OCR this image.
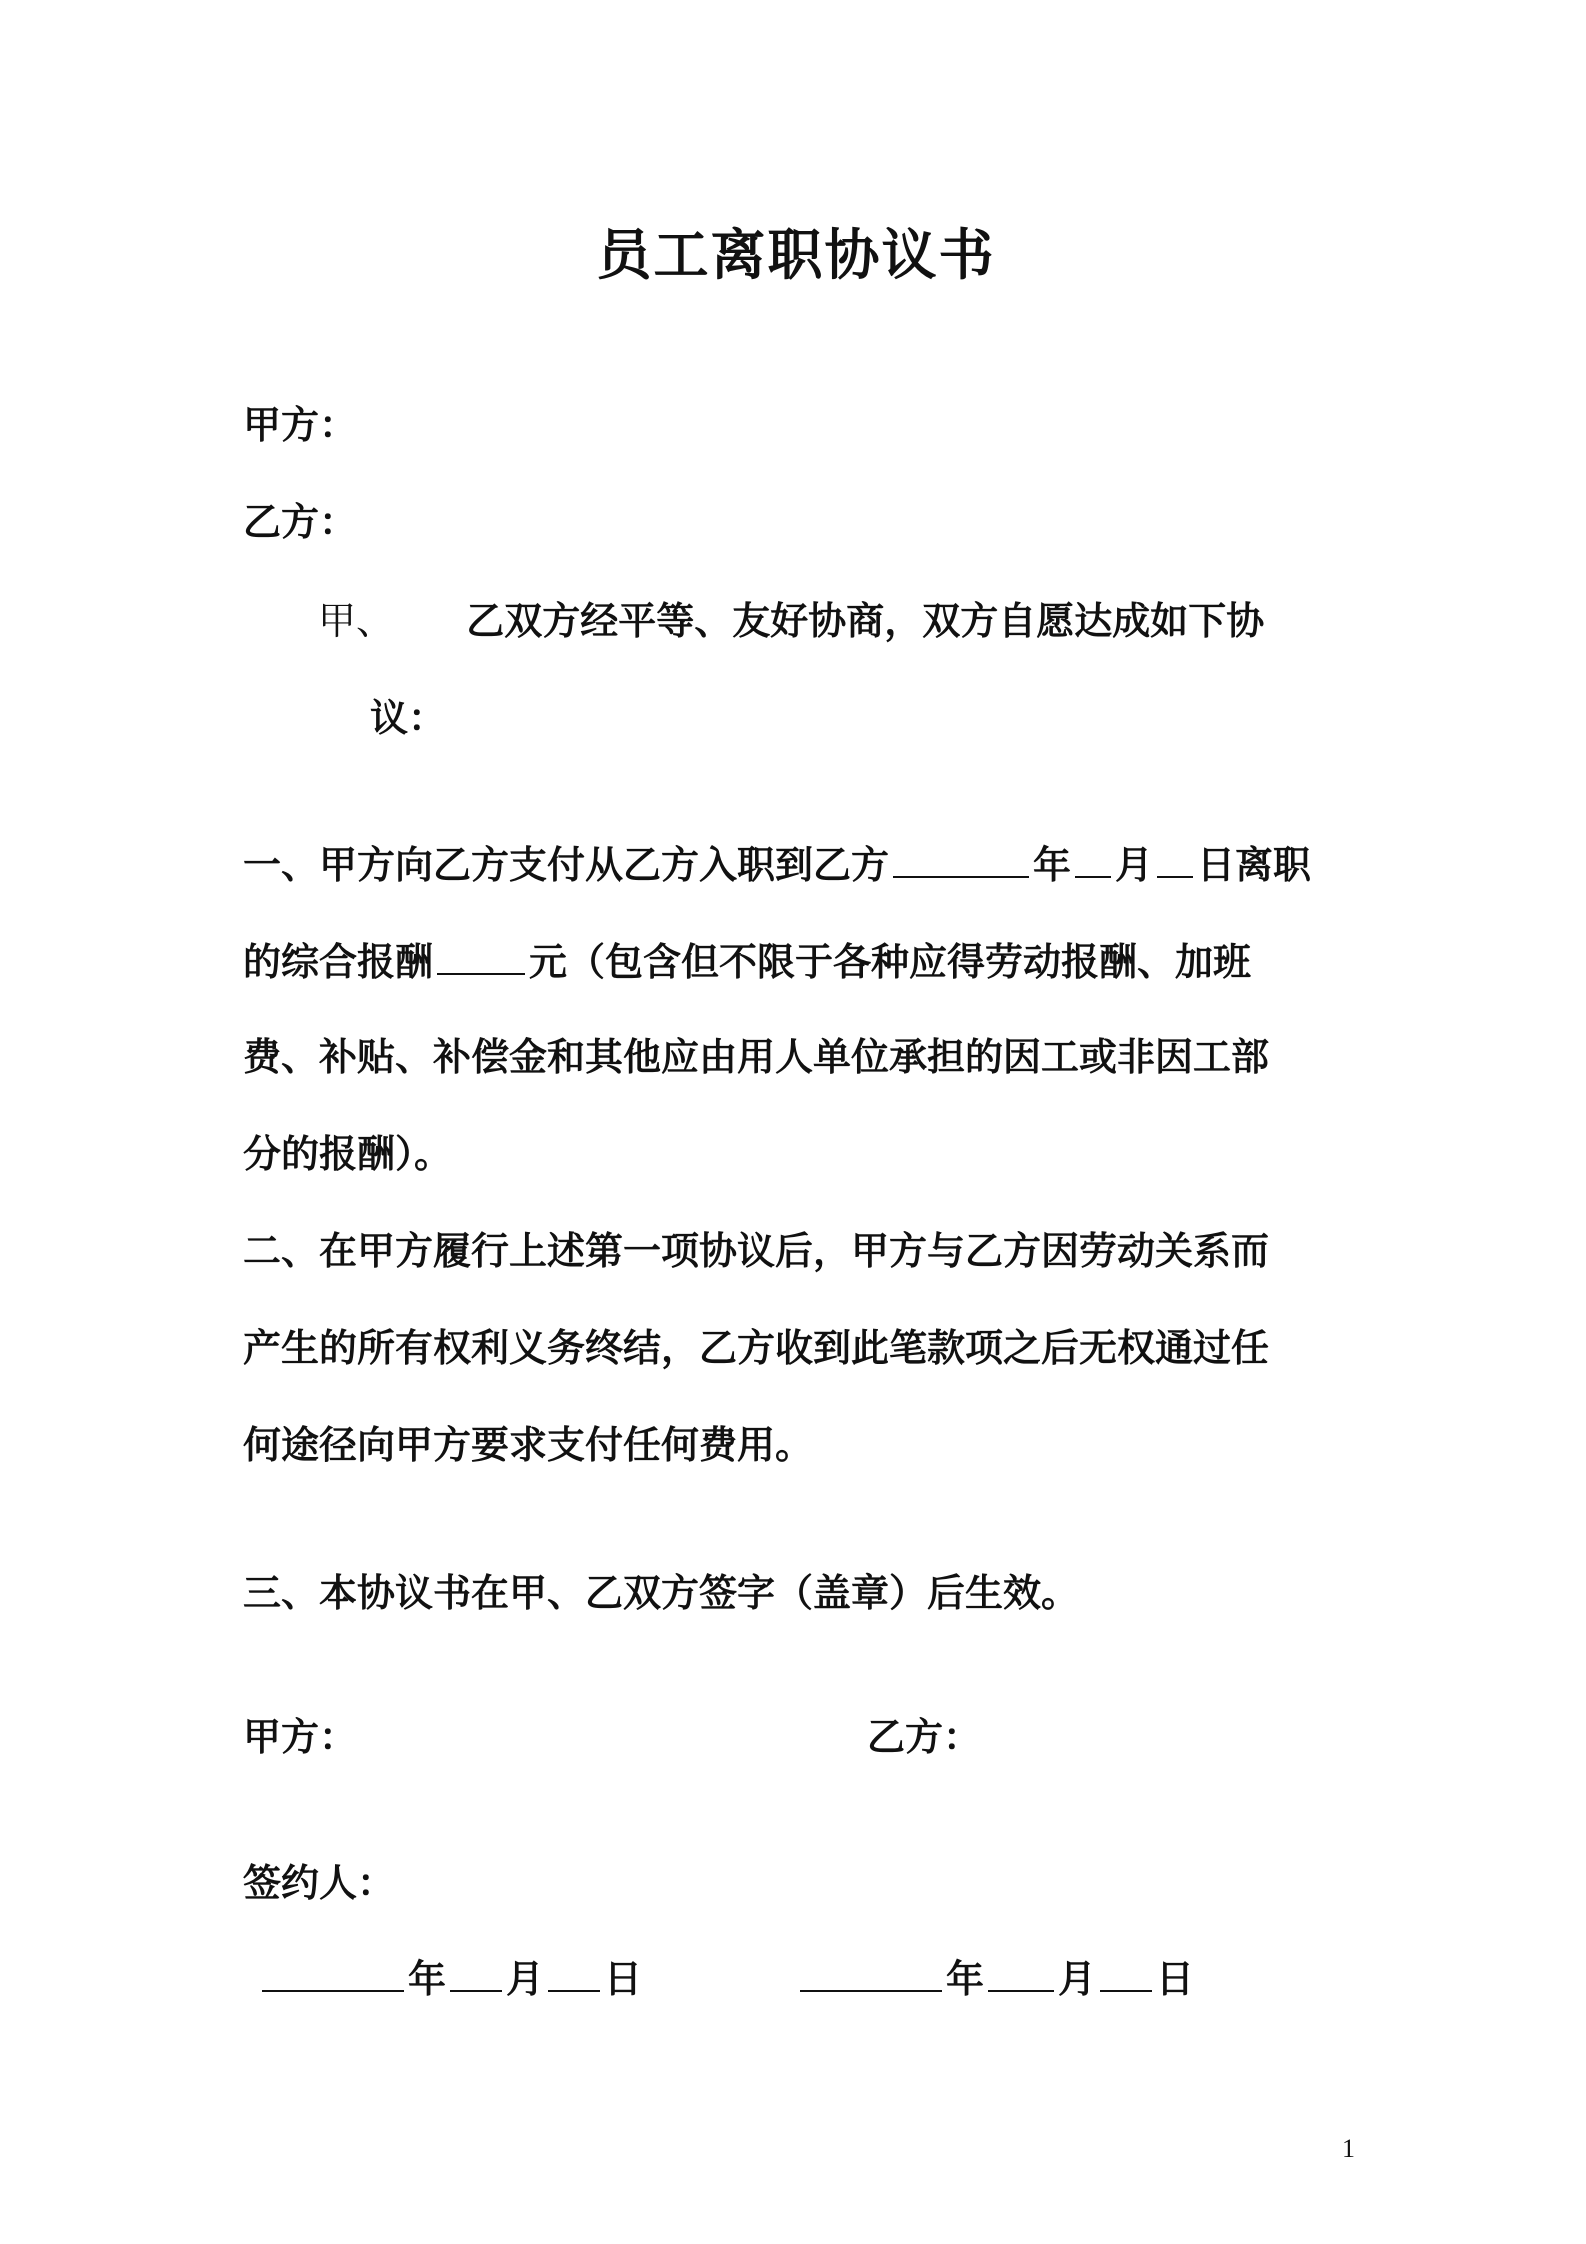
员工离职协议书
甲方：
乙方：
甲、 乙双方经平等、友好协商，双方自愿达成如下协
议：
一、甲方向乙方支付从乙方入职到乙方	年 月 日离职
的综合报酬	元（包含但不限于各种应得劳动报酬、加班
费、补贴、补偿金和其他应由用人单位承担的因工或非因工部
分的报酬）。
二、在甲方履行上述第一项协议后，甲方与乙方因劳动关系而
产生的所有权利义务终结，乙方收到此笔款项之后无权通过任
何途径向甲方要求支付任何费用。
三、本协议书在甲、乙双方签字（盖章）后生效。
甲方：	乙方：
签约人：
年 月 日	年 月 日
1
